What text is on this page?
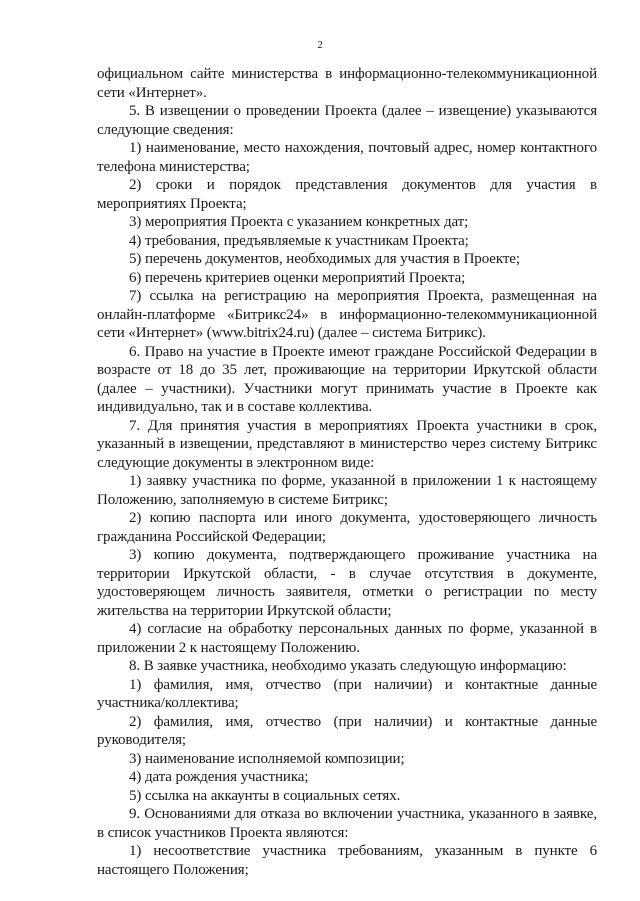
2

официальном сайте министерства в информационно-телекоммуникационной сети «Интернет».

5. В извещении о проведении Проекта (далее – извещение) указываются следующие сведения:

1) наименование, место нахождения, почтовый адрес, номер контактного телефона министерства;

2) сроки и порядок представления документов для участия в мероприятиях Проекта;

3) мероприятия Проекта с указанием конкретных дат;

4) требования, предъявляемые к участникам Проекта;

5) перечень документов, необходимых для участия в Проекте;

6) перечень критериев оценки мероприятий Проекта;

7) ссылка на регистрацию на мероприятия Проекта, размещенная на онлайн-платформе «Битрикс24» в информационно-телекоммуникационной сети «Интернет» (www.bitrix24.ru) (далее – система Битрикс).

6. Право на участие в Проекте имеют граждане Российской Федерации в возрасте от 18 до 35 лет, проживающие на территории Иркутской области (далее – участники). Участники могут принимать участие в Проекте как индивидуально, так и в составе коллектива.

7. Для принятия участия в мероприятиях Проекта участники в срок, указанный в извещении, представляют в министерство через систему Битрикс следующие документы в электронном виде:

1) заявку участника по форме, указанной в приложении 1 к настоящему Положению, заполняемую в системе Битрикс;

2) копию паспорта или иного документа, удостоверяющего личность гражданина Российской Федерации;

3) копию документа, подтверждающего проживание участника на территории Иркутской области, - в случае отсутствия в документе, удостоверяющем личность заявителя, отметки о регистрации по месту жительства на территории Иркутской области;

4) согласие на обработку персональных данных по форме, указанной в приложении 2 к настоящему Положению.

8. В заявке участника, необходимо указать следующую информацию:

1) фамилия, имя, отчество (при наличии) и контактные данные участника/коллектива;

2) фамилия, имя, отчество (при наличии) и контактные данные руководителя;

3) наименование исполняемой композиции;

4) дата рождения участника;

5) ссылка на аккаунты в социальных сетях.

9. Основаниями для отказа во включении участника, указанного в заявке, в список участников Проекта являются:

1) несоответствие участника требованиям, указанным в пункте 6 настоящего Положения;
